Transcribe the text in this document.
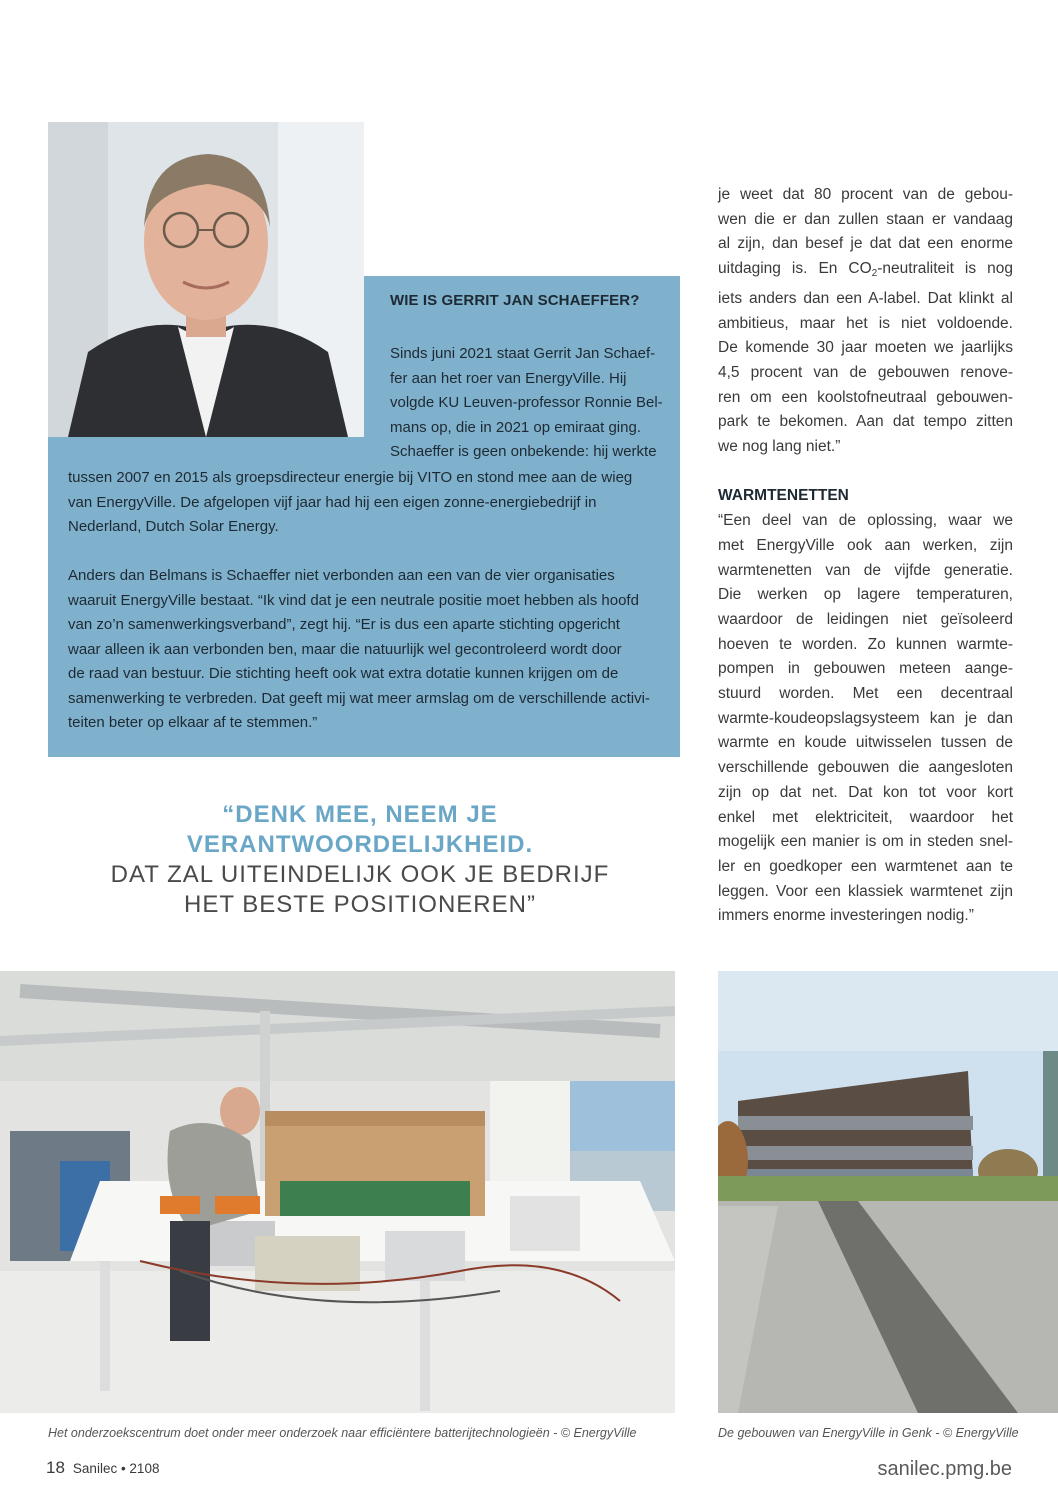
WIE IS GERRIT JAN SCHAEFFER?
Sinds juni 2021 staat Gerrit Jan Schaef-
fer aan het roer van EnergyVille. Hij
volgde KU Leuven-professor Ronnie Bel-
mans op, die in 2021 op emiraat ging.
Schaeffer is geen onbekende: hij werkte
tussen 2007 en 2015 als groepsdirecteur energie bij VITO en stond mee aan de wieg
van EnergyVille. De afgelopen vijf jaar had hij een eigen zonne-energiebedrijf in
Nederland, Dutch Solar Energy.
Anders dan Belmans is Schaeffer niet verbonden aan een van de vier organisaties
waaruit EnergyVille bestaat. “Ik vind dat je een neutrale positie moet hebben als hoofd
van zo’n samenwerkingsverband”, zegt hij. “Er is dus een aparte stichting opgericht
waar alleen ik aan verbonden ben, maar die natuurlijk wel gecontroleerd wordt door
de raad van bestuur. Die stichting heeft ook wat extra dotatie kunnen krijgen om de
samenwerking te verbreden. Dat geeft mij wat meer armslag om de verschillende activi-
teiten beter op elkaar af te stemmen.”
“DENK MEE, NEEM JE
VERANTWOORDELIJKHEID.
DAT ZAL UITEINDELIJK OOK JE BEDRIJF
HET BESTE POSITIONEREN”
je weet dat 80 procent van de gebou-
wen die er dan zullen staan er vandaag
al zijn, dan besef je dat dat een enorme
uitdaging is. En $CO_2$-neutraliteit is nog
iets anders dan een A-label. Dat klinkt al
ambitieus, maar het is niet voldoende.
De komende 30 jaar moeten we jaarlijks
4,5 procent van de gebouwen renove-
ren om een koolstofneutraal gebouwen-
park te bekomen. Aan dat tempo zitten
we nog lang niet.”
WARMTENETTEN
“Een deel van de oplossing, waar we
met EnergyVille ook aan werken, zijn
warmtenetten van de vijfde generatie.
Die werken op lagere temperaturen,
waardoor de leidingen niet geïsoleerd
hoeven te worden. Zo kunnen warmte-
pompen in gebouwen meteen aange-
stuurd worden. Met een decentraal
warmte-koudeopslagsysteem kan je dan
warmte en koude uitwisselen tussen de
verschillende gebouwen die aangesloten
zijn op dat net. Dat kon tot voor kort
enkel met elektriciteit, waardoor het
mogelijk een manier is om in steden snel-
ler en goedkoper een warmtenet aan te
leggen. Voor een klassiek warmtenet zijn
immers enorme investeringen nodig.”
Het onderzoekscentrum doet onder meer onderzoek naar efficiëntere batterijtechnologieën - © EnergyVille	De gebouwen van EnergyVille in Genk - © EnergyVille
18 Sanilec • 2108	sanilec.pmg.be
